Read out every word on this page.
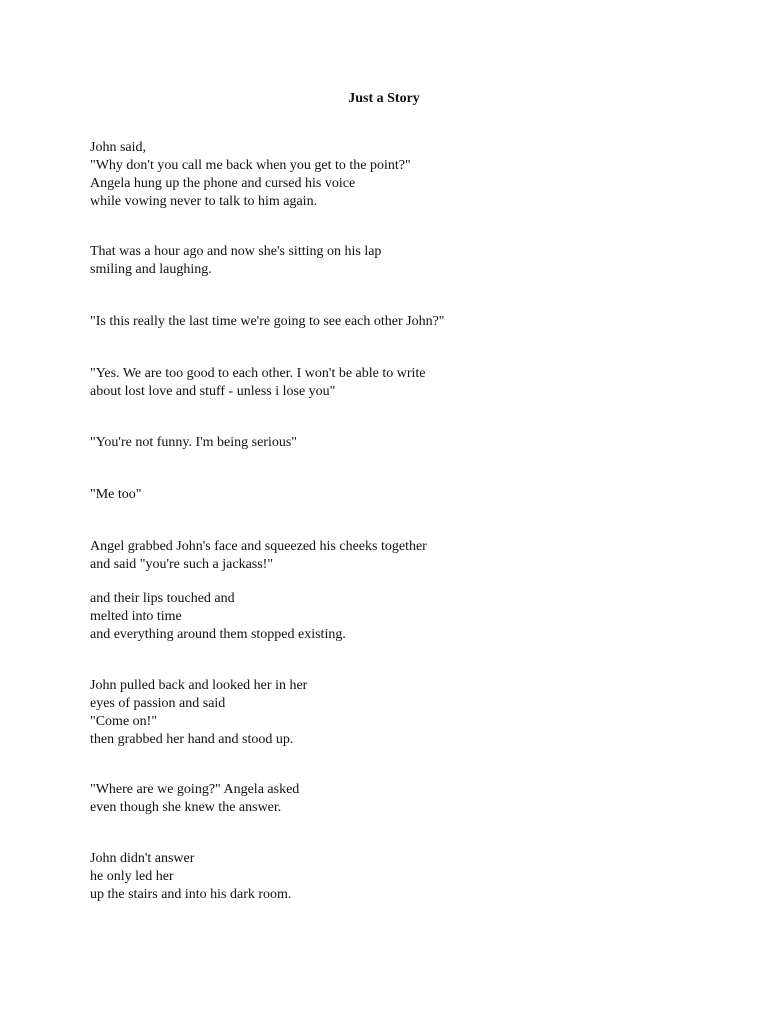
Just a Story
John said,
"Why don't you call me back when you get to the point?"
Angela hung up the phone and cursed his voice
while vowing never to talk to him again.
That was a hour ago and now she's sitting on his lap
smiling and laughing.
"Is this really the last time we're going to see each other John?"
"Yes. We are too good to each other. I won't be able to write
about lost love and stuff - unless i lose you"
"You're not funny. I'm being serious"
"Me too"
Angel grabbed John's face and squeezed his cheeks together
and said "you're such a jackass!"
and their lips touched and
melted into time
and everything around them stopped existing.
John pulled back and looked her in her
eyes of passion and said
"Come on!"
then grabbed her hand and stood up.
"Where are we going?" Angela asked
even though she knew the answer.
John didn't answer
he only led her
up the stairs and into his dark room.
